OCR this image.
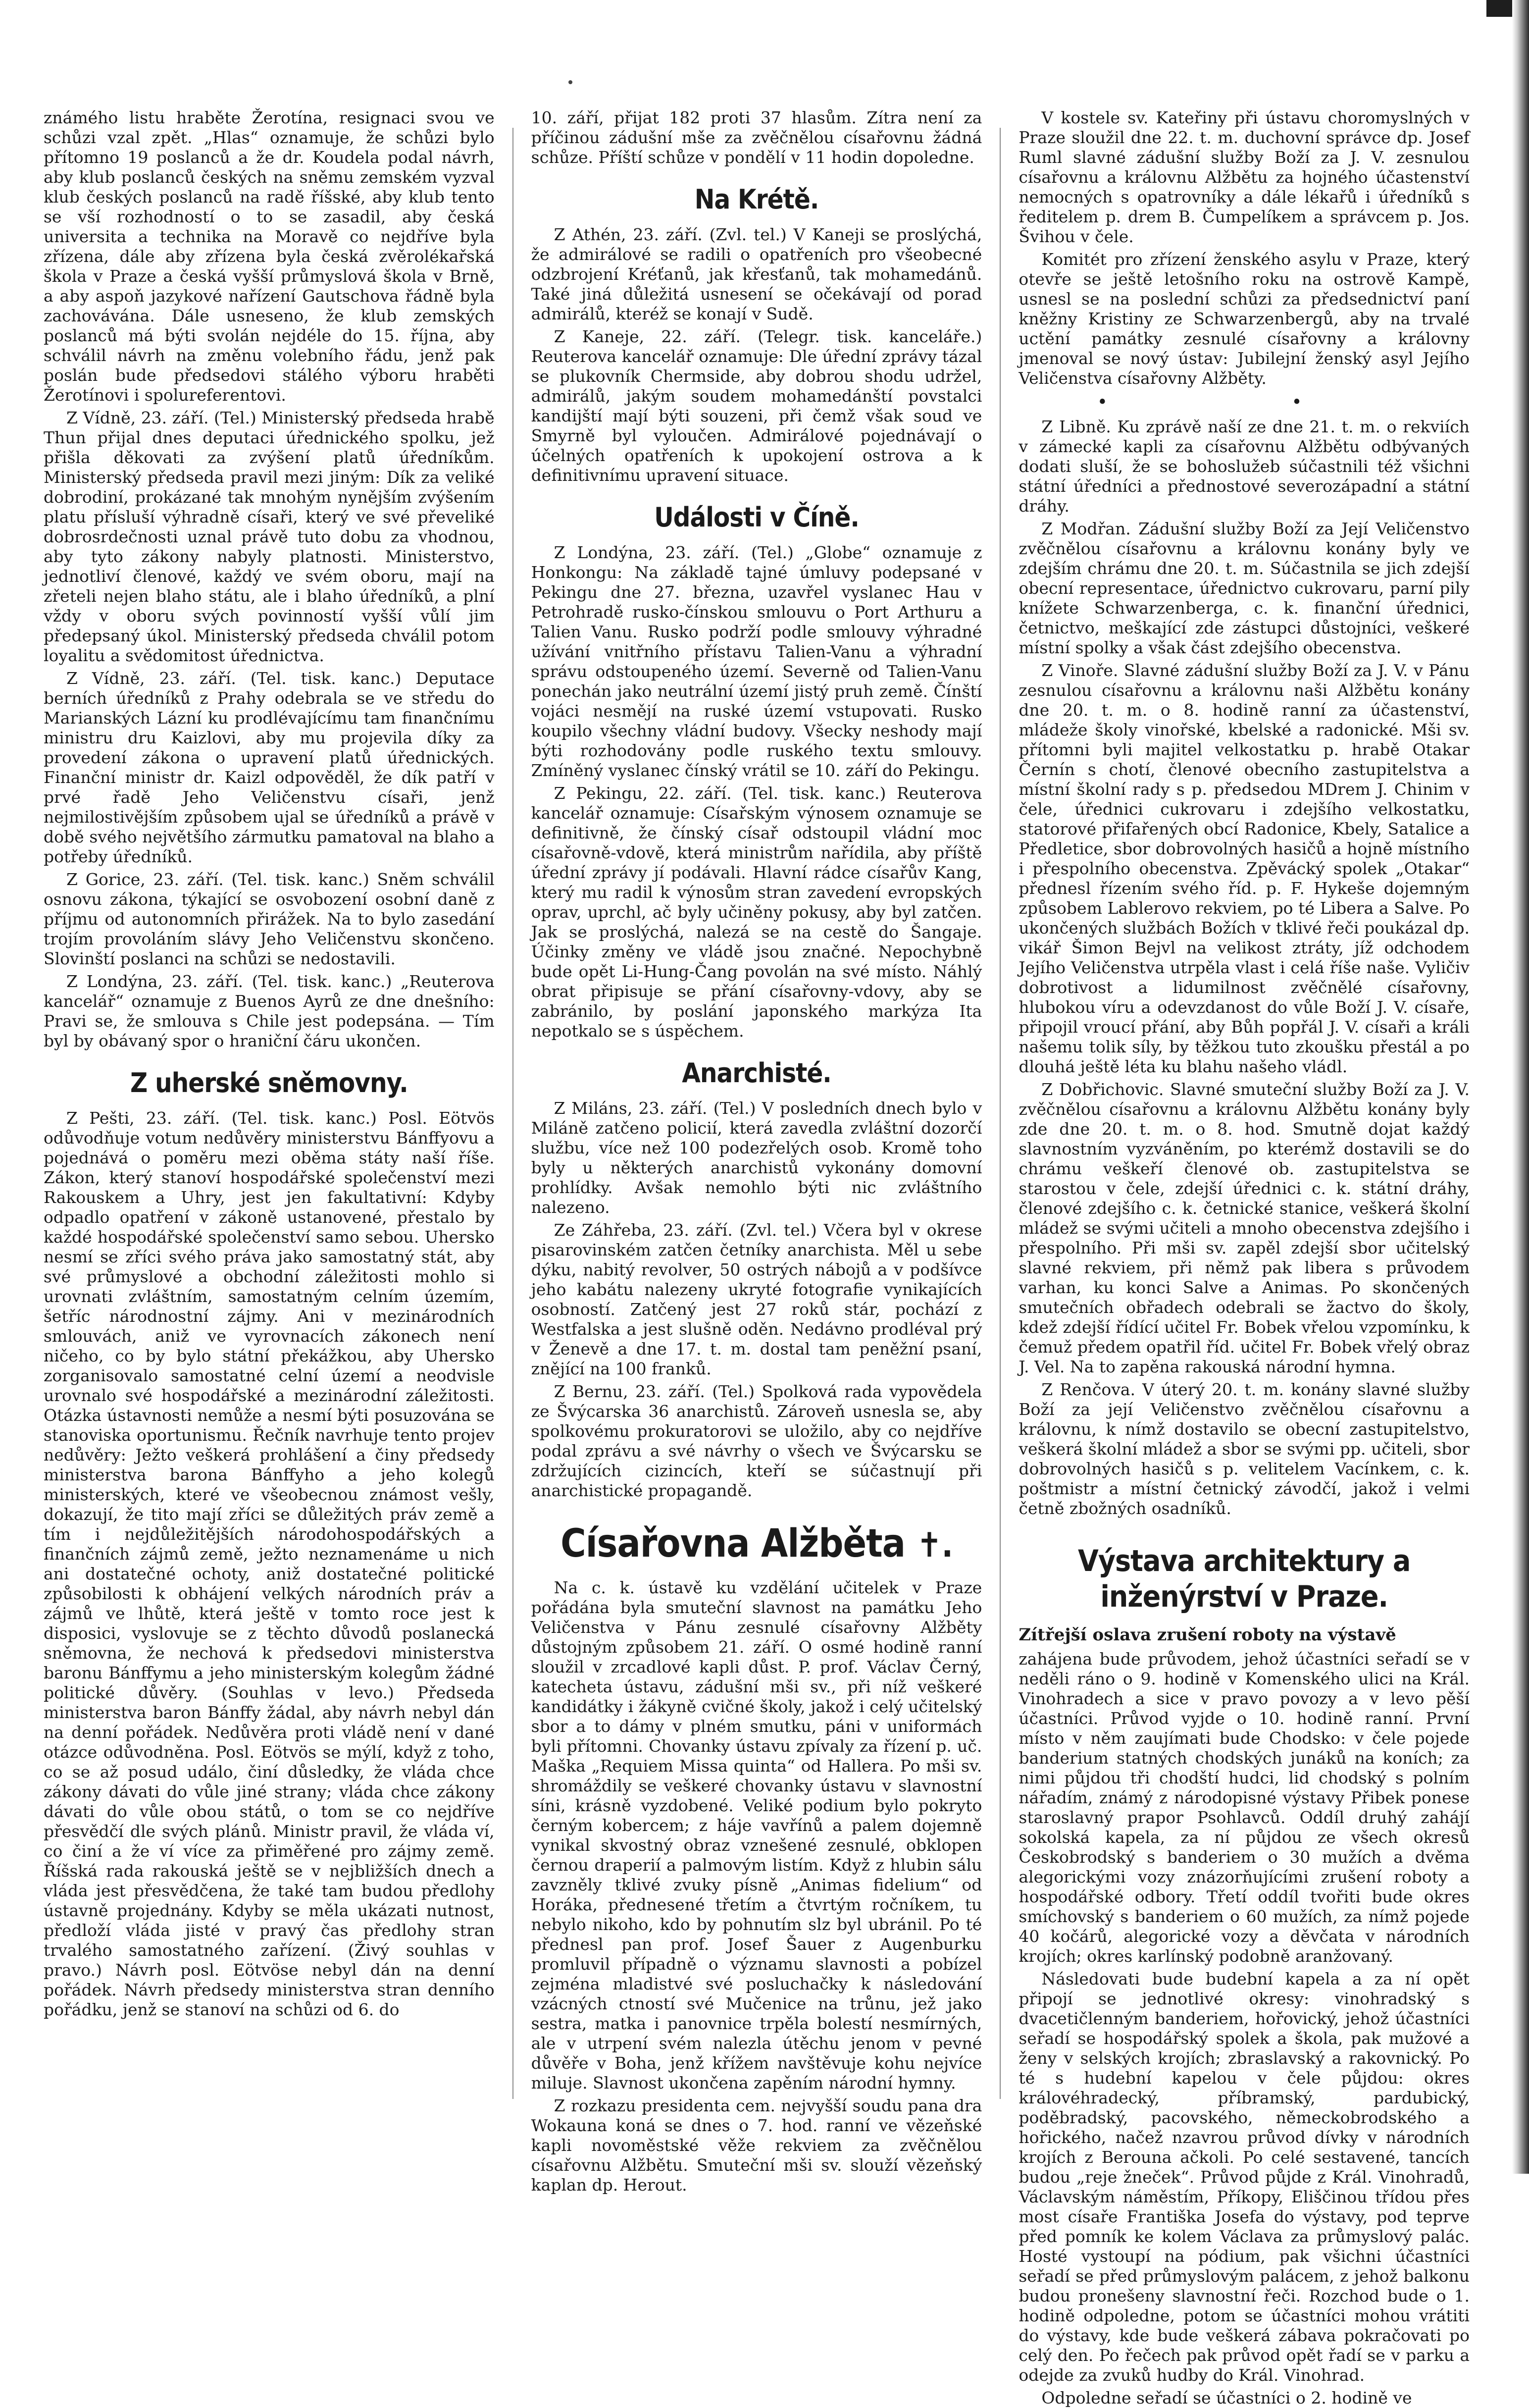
známého listu hraběte Žerotína, resignaci svou ve schůzi vzal zpět. „Hlas“ oznamuje, že schůzi bylo přítomno 19 poslanců a že dr. Koudela podal návrh, aby klub poslanců českých na sněmu zemském vyzval klub českých poslanců na radě říšské, aby klub tento se vší rozhodností o to se zasadil, aby česká universita a technika na Moravě co nejdříve byla zřízena, dále aby zřízena byla česká zvěrolékařská škola v Praze a česká vyšší průmyslová škola v Brně, a aby aspoň jazykové nařízení Gautschova řádně byla zachovávána. Dále usneseno, že klub zemských poslanců má býti svolán nejdéle do 15. října, aby schválil návrh na změnu volebního řádu, jenž pak poslán bude předsedovi stálého výboru hraběti Žerotínovi i spolureferentovi.

Z Vídně, 23. září. (Tel.) Ministerský předseda hrabě Thun přijal dnes deputaci úřednického spolku, jež přišla děkovati za zvýšení platů úředníkům. Ministerský předseda pravil mezi jiným: Dík za veliké dobrodiní, prokázané tak mnohým nynějším zvýšením platu přísluší výhradně císaři, který ve své převeliké dobrosrdečnosti uznal právě tuto dobu za vhodnou, aby tyto zákony nabyly platnosti. Ministerstvo, jednotliví členové, každý ve svém oboru, mají na zřeteli nejen blaho státu, ale i blaho úředníků, a plní vždy v oboru svých povinností vyšší vůlí jim předepsaný úkol. Ministerský předseda chválil potom loyalitu a svědomitost úřednictva.

Z Vídně, 23. září. (Tel. tisk. kanc.) Deputace berních úředníků z Prahy odebrala se ve středu do Marianských Lázní ku prodlévajícímu tam finančnímu ministru dru Kaizlovi, aby mu projevila díky za provedení zákona o upravení platů úřednických. Finanční ministr dr. Kaizl odpověděl, že dík patří v prvé řadě Jeho Veličenstvu císaři, jenž nejmilostivějším způsobem ujal se úředníků a právě v době svého největšího zármutku pamatoval na blaho a potřeby úředníků.

Z Gorice, 23. září. (Tel. tisk. kanc.) Sněm schválil osnovu zákona, týkající se osvobození osobní daně z příjmu od autonomních přirážek. Na to bylo zasedání trojím provoláním slávy Jeho Veličenstvu skončeno. Slovinští poslanci na schůzi se nedostavili.

Z Londýna, 23. září. (Tel. tisk. kanc.) „Reuterova kancelář“ oznamuje z Buenos Ayrů ze dne dnešního: Pravi se, že smlouva s Chile jest podepsána. — Tím byl by obávaný spor o hraniční čáru ukončen.

Z uherské sněmovny.

Z Pešti, 23. září. (Tel. tisk. kanc.) Posl. Eötvös odůvodňuje votum nedůvěry ministerstvu Bánffyovu a pojednává o poměru mezi oběma státy naší říše. Zákon, který stanoví hospodářské společenství mezi Rakouskem a Uhry, jest jen fakultativní: Kdyby odpadlo opatření v zákoně ustanovené, přestalo by každé hospodářské společenství samo sebou. Uhersko nesmí se zříci svého práva jako samostatný stát, aby své průmyslové a obchodní záležitosti mohlo si urovnati zvláštním, samostatným celním územím, šetříc národnostní zájmy. Ani v mezinárodních smlouvách, aniž ve vyrovnacích zákonech není ničeho, co by bylo státní překážkou, aby Uhersko zorganisovalo samostatné celní území a neodvisle urovnalo své hospodářské a mezinárodní záležitosti. Otázka ústavnosti nemůže a nesmí býti posuzována se stanoviska oportunismu. Řečník navrhuje tento projev nedůvěry: Ježto veškerá prohlášení a činy předsedy ministerstva barona Bánffyho a jeho kolegů ministerských, které ve všeobecnou známost vešly, dokazují, že tito mají zříci se důležitých práv země a tím i nejdůležitějších národohospodářských a finančních zájmů země, ježto neznamenáme u nich ani dostatečné ochoty, aniž dostatečné politické způsobilosti k obhájení velkých národních práv a zájmů ve lhůtě, která ještě v tomto roce jest k disposici, vyslovuje se z těchto důvodů poslanecká sněmovna, že nechová k předsedovi ministerstva baronu Bánffymu a jeho ministerským kolegům žádné politické důvěry. (Souhlas v levo.) Předseda ministerstva baron Bánffy žádal, aby návrh nebyl dán na denní pořádek. Nedůvěra proti vládě není v dané otázce odůvodněna. Posl. Eötvös se mýlí, když z toho, co se až posud událo, činí důsledky, že vláda chce zákony dávati do vůle jiné strany; vláda chce zákony dávati do vůle obou států, o tom se co nejdříve přesvědčí dle svých plánů. Ministr pravil, že vláda ví, co činí a že ví více za přiměřené pro zájmy země. Říšská rada rakouská ještě se v nejbližších dnech a vláda jest přesvědčena, že také tam budou předlohy ústavně projednány. Kdyby se měla ukázati nutnost, předloží vláda jisté v pravý čas předlohy stran trvalého samostatného zařízení. (Živý souhlas v pravo.) Návrh posl. Eötvöse nebyl dán na denní pořádek. Návrh předsedy ministerstva stran denního pořádku, jenž se stanoví na schůzi od 6. do

10. září, přijat 182 proti 37 hlasům. Zítra není za příčinou zádušní mše za zvěčnělou císařovnu žádná schůze. Příští schůze v pondělí v 11 hodin dopoledne.

Na Krétě.

Z Athén, 23. září. (Zvl. tel.) V Kaneji se proslýchá, že admirálové se radili o opatřeních pro všeobecné odzbrojení Kréťanů, jak křesťanů, tak mohamedánů. Také jiná důležitá usnesení se očekávají od porad admirálů, kteréž se konají v Sudě.

Z Kaneje, 22. září. (Telegr. tisk. kanceláře.) Reuterova kancelář oznamuje: Dle úřední zprávy tázal se plukovník Chermside, aby dobrou shodu udržel, admirálů, jakým soudem mohamedánští povstalci kandijští mají býti souzeni, při čemž však soud ve Smyrně byl vyloučen. Admirálové pojednávají o účelných opatřeních k upokojení ostrova a k definitivnímu upravení situace.

Události v Číně.

Z Londýna, 23. září. (Tel.) „Globe“ oznamuje z Honkongu: Na základě tajné úmluvy podepsané v Pekingu dne 27. března, uzavřel vyslanec Hau v Petrohradě rusko-čínskou smlouvu o Port Arthuru a Talien Vanu. Rusko podrží podle smlouvy výhradné užívání vnitřního přístavu Talien-Vanu a výhradní správu odstoupeného území. Severně od Talien-Vanu ponechán jako neutrální území jistý pruh země. Čínští vojáci nesmějí na ruské území vstupovati. Rusko koupilo všechny vládní budovy. Všecky neshody mají býti rozhodovány podle ruského textu smlouvy. Zmíněný vyslanec čínský vrátil se 10. září do Pekingu.

Z Pekingu, 22. září. (Tel. tisk. kanc.) Reuterova kancelář oznamuje: Císařským výnosem oznamuje se definitivně, že čínský císař odstoupil vládní moc císařovně-vdově, která ministrům nařídila, aby příště úřední zprávy jí podávali. Hlavní rádce císařův Kang, který mu radil k výnosům stran zavedení evropských oprav, uprchl, ač byly učiněny pokusy, aby byl zatčen. Jak se proslýchá, nalezá se na cestě do Šangaje. Účinky změny ve vládě jsou značné. Nepochybně bude opět Li-Hung-Čang povolán na své místo. Náhlý obrat připisuje se přání císařovny-vdovy, aby se zabránilo, by poslání japonského markýza Ita nepotkalo se s úspěchem.

Anarchisté.

Z Miláns, 23. září. (Tel.) V posledních dnech bylo v Miláně zatčeno policií, která zavedla zvláštní dozorčí službu, více než 100 podezřelých osob. Kromě toho byly u některých anarchistů vykonány domovní prohlídky. Avšak nemohlo býti nic zvláštního nalezeno.

Ze Záhřeba, 23. září. (Zvl. tel.) Včera byl v okrese pisarovinském zatčen četníky anarchista. Měl u sebe dýku, nabitý revolver, 50 ostrých nábojů a v podšívce jeho kabátu nalezeny ukryté fotografie vynikajících osobností. Zatčený jest 27 roků stár, pochází z Westfalska a jest slušně oděn. Nedávno prodléval prý v Ženevě a dne 17. t. m. dostal tam peněžní psaní, znějící na 100 franků.

Z Bernu, 23. září. (Tel.) Spolková rada vypovědela ze Švýcarska 36 anarchistů. Zároveň usnesla se, aby spolkovému prokuratorovi se uložilo, aby co nejdříve podal zprávu a své návrhy o všech ve Švýcarsku se zdržujících cizincích, kteří se súčastnují při anarchistické propagandě.

Císařovna Alžběta ✝.

Na c. k. ústavě ku vzdělání učitelek v Praze pořádána byla smuteční slavnost na památku Jeho Veličenstva v Pánu zesnulé císařovny Alžběty důstojným způsobem 21. září. O osmé hodině ranní sloužil v zrcadlové kapli důst. P. prof. Václav Černý, katecheta ústavu, zádušní mši sv., při níž veškeré kandidátky i žákyně cvičné školy, jakož i celý učitelský sbor a to dámy v plném smutku, páni v uniformách byli přítomni. Chovanky ústavu zpívaly za řízení p. uč. Maška „Requiem Missa quinta“ od Hallera. Po mši sv. shromáždily se veškeré chovanky ústavu v slavnostní síni, krásně vyzdobené. Veliké podium bylo pokryto černým kobercem; z háje vavřínů a palem dojemně vynikal skvostný obraz vznešené zesnulé, obklopen černou draperií a palmovým listím. Když z hlubin sálu zavzněly tklivé zvuky písně „Animas fidelium“ od Horáka, přednesené třetím a čtvrtým ročníkem, tu nebylo nikoho, kdo by pohnutím slz byl ubránil. Po té přednesl pan prof. Josef Šauer z Augenburku promluvil případně o významu slavnosti a pobízel zejména mladistvé své posluchačky k následování vzácných ctností své Mučenice na trůnu, jež jako sestra, matka i panovnice trpěla bolestí nesmírných, ale v utrpení svém nalezla útěchu jenom v pevné důvěře v Boha, jenž křížem navštěvuje kohu nejvíce miluje. Slavnost ukončena zapěním národní hymny.

Z rozkazu presidenta cem. nejvyšší soudu pana dra Wokauna koná se dnes o 7. hod. ranní ve vězeňské kapli novoměstské věže rekviem za zvěčnělou císařovnu Alžbětu. Smuteční mši sv. slouží vězeňský kaplan dp. Herout.

V kostele sv. Kateřiny při ústavu choromyslných v Praze sloužil dne 22. t. m. duchovní správce dp. Josef Ruml slavné zádušní služby Boží za J. V. zesnulou císařovnu a královnu Alžbětu za hojného účastenství nemocných s opatrovníky a dále lékařů i úředníků s ředitelem p. drem B. Čumpelíkem a správcem p. Jos. Švihou v čele.

Komitét pro zřízení ženského asylu v Praze, který otevře se ještě letošního roku na ostrově Kampě, usnesl se na poslední schůzi za předsednictví paní kněžny Kristiny ze Schwarzenbergů, aby na trvalé uctění památky zesnulé císařovny a královny jmenoval se nový ústav: Jubilejní ženský asyl Jejího Veličenstva císařovny Alžběty.

• •

Z Libně. Ku zprávě naší ze dne 21. t. m. o rekviích v zámecké kapli za císařovnu Alžbětu odbývaných dodati sluší, že se bohoslužeb súčastnili též všichni státní úředníci a přednostové severozápadní a státní dráhy.

Z Modřan. Zádušní služby Boží za Její Veličenstvo zvěčnělou císařovnu a královnu konány byly ve zdejším chrámu dne 20. t. m. Súčastnila se jich zdejší obecní representace, úřednictvo cukrovaru, parní pily knížete Schwarzenberga, c. k. finanční úřednici, četnictvo, meškající zde zástupci důstojníci, veškeré místní spolky a však část zdejšího obecenstva.

Z Vinoře. Slavné zádušní služby Boží za J. V. v Pánu zesnulou císařovnu a královnu naši Alžbětu konány dne 20. t. m. o 8. hodině ranní za účastenství, mládeže školy vinořské, kbelské a radonické. Mši sv. přítomni byli majitel velkostatku p. hrabě Otakar Černín s chotí, členové obecního zastupitelstva a místní školní rady s p. předsedou MDrem J. Chinim v čele, úřednici cukrovaru i zdejšího velkostatku, statorové přifařených obcí Radonice, Kbely, Satalice a Předletice, sbor dobrovolných hasičů a hojně místního i přespolního obecenstva. Zpěvácký spolek „Otakar“ přednesl řízením svého říd. p. F. Hykeše dojemným způsobem Lablerovo rekviem, po té Libera a Salve. Po ukončených službách Božích v tklivé řeči poukázal dp. vikář Šimon Bejvl na velikost ztráty, jíž odchodem Jejího Veličenstva utrpěla vlast i celá říše naše. Vyličiv dobrotivost a lidumilnost zvěčnělé císařovny, hlubokou víru a odevzdanost do vůle Boží J. V. císaře, připojil vroucí přání, aby Bůh popřál J. V. císaři a králi našemu tolik síly, by těžkou tuto zkoušku přestál a po dlouhá ještě léta ku blahu našeho vládl.

Z Dobřichovic. Slavné smuteční služby Boží za J. V. zvěčnělou císařovnu a královnu Alžbětu konány byly zde dne 20. t. m. o 8. hod. Smutně dojat každý slavnostním vyzváněním, po kterémž dostavili se do chrámu veškeří členové ob. zastupitelstva se starostou v čele, zdejší úřednici c. k. státní dráhy, členové zdejšího c. k. četnické stanice, veškerá školní mládež se svými učiteli a mnoho obecenstva zdejšího i přespolního. Při mši sv. zapěl zdejší sbor učitelský slavné rekviem, při němž pak libera s průvodem varhan, ku konci Salve a Animas. Po skončených smutečních obřadech odebrali se žactvo do školy, kdež zdejší řídící učitel Fr. Bobek vřelou vzpomínku, k čemuž předem opatřil říd. učitel Fr. Bobek vřelý obraz J. Vel. Na to zapěna rakouská národní hymna.

Z Renčova. V úterý 20. t. m. konány slavné služby Boží za její Veličenstvo zvěčnělou císařovnu a královnu, k nímž dostavilo se obecní zastupitelstvo, veškerá školní mládež a sbor se svými pp. učiteli, sbor dobrovolných hasičů s p. velitelem Vacínkem, c. k. poštmistr a místní četnický závodčí, jakož i velmi četně zbožných osadníků.

Výstava architektury a inženýrství v Praze.

Zítřejší oslava zrušení roboty na výstavě

zahájena bude průvodem, jehož účastníci seřadí se v neděli ráno o 9. hodině v Komenského ulici na Král. Vinohradech a sice v pravo povozy a v levo pěší účastníci. Průvod vyjde o 10. hodině ranní. První místo v něm zaujímati bude Chodsko: v čele pojede banderium statných chodských junáků na koních; za nimi půjdou tři chodští hudci, lid chodský s polním nářadím, známý z národopisné výstavy Přibek ponese staroslavný prapor Psohlavců. Oddíl druhý zahájí sokolská kapela, za ní půjdou ze všech okresů Českobrodský s banderiem o 30 mužích a dvěma alegorickými vozy znázorňujícími zrušení roboty a hospodářské odbory. Třetí oddíl tvořiti bude okres smíchovský s banderiem o 60 mužích, za nímž pojede 40 kočárů, alegorické vozy a děvčata v národních krojích; okres karlínský podobně aranžovaný.

Následovati bude budební kapela a za ní opět připojí se jednotlivé okresy: vinohradský s dvacetičlenným banderiem, hořovický, jehož účastníci seřadí se hospodářský spolek a škola, pak mužové a ženy v selských krojích; zbraslavský a rakovnický. Po té s hudební kapelou v čele půjdou: okres královéhradecký, příbramský, pardubický, poděbradský, pacovského, německobrodského a hořického, načež nzavrou průvod dívky v národních krojích z Berouna ačkoli. Po celé sestavené, tancích budou „reje žneček“. Průvod půjde z Král. Vinohradů, Václavským náměstím, Příkopy, Eliščinou třídou přes most císaře Františka Josefa do výstavy, pod teprve před pomník ke kolem Václava za průmyslový palác. Hosté vystoupí na pódium, pak všichni účastníci seřadí se před průmyslovým palácem, z jehož balkonu budou pronešeny slavnostní řeči. Rozchod bude o 1. hodině odpoledne, potom se účastníci mohou vrátiti do výstavy, kde bude veškerá zábava pokračovati po celý den. Po řečech pak průvod opět řadí se v parku a odejde za zvuků hudby do Král. Vinohrad.

Odpoledne seřadí se účastníci o 2. hodině ve
